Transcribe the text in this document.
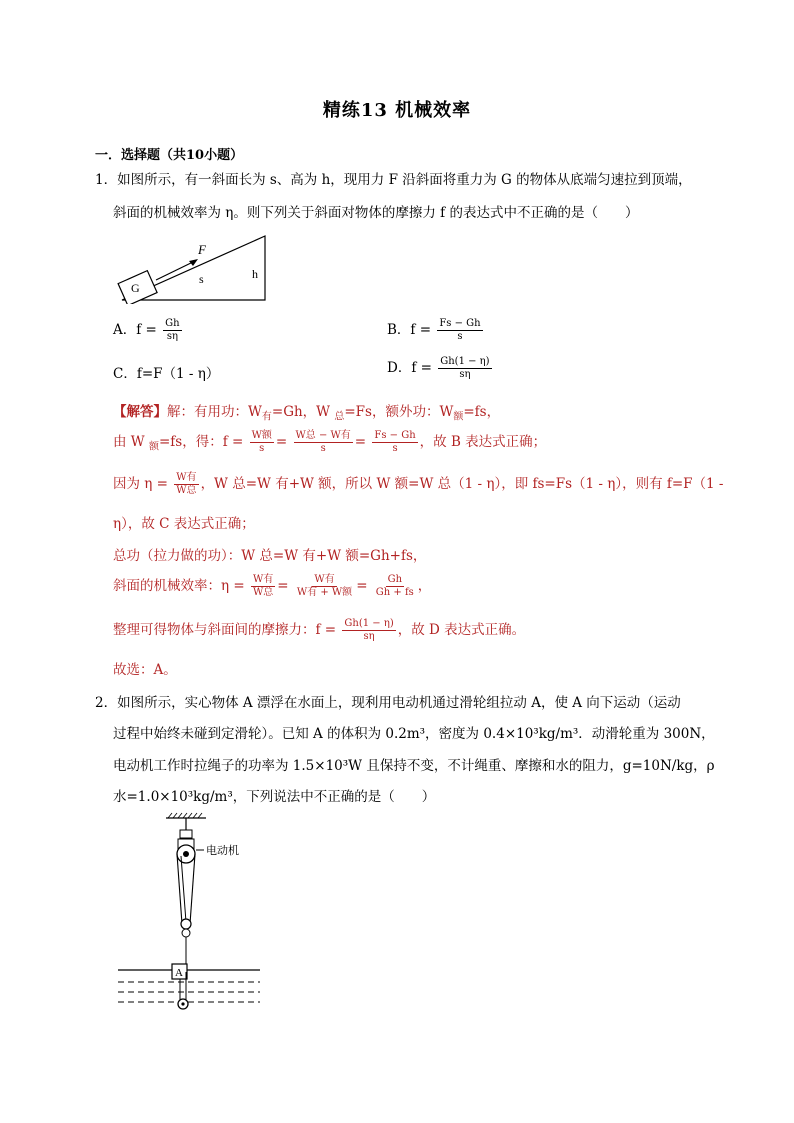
精练13 机械效率
一．选择题（共10小题）
1．如图所示，有一斜面长为 s、高为 h，现用力 F 沿斜面将重力为 G 的物体从底端匀速拉到顶端，
斜面的机械效率为 η。则下列关于斜面对物体的摩擦力 f 的表达式中不正确的是（　　）
F
s	h
G
A．$f = \frac{Gh}{s\eta}$	B．$f = \frac{Fs - Gh}{s}$
C．f=F（1 - η）	D．$f = \frac{Gh(1 - \eta)}{s\eta}$
【解答】解：有用功：$W_有=Gh$，W $_总$=Fs，额外功：$W_额=fs$，
由 W $_额$=fs，得：$f = \frac{\text{W额}}{s} = \frac{\text{W总 − W有}}{s} = \frac{Fs - Gh}{s}$ ，故 B 表达式正确；
因为 $\eta = \frac{\text{W有}}{\text{W总}}$ ，W 总=W 有+W 额，所以 W 额=W 总（1 - η），即 fs=Fs（1 - η），则有 f=F（1 -
η），故 C 表达式正确；
总功（拉力做的功）：W 总=W 有+W 额=Gh+fs，
斜面的机械效率：$\eta = \frac{\text{W有}}{\text{W总}} = \frac{\text{W有}}{\text{W有 + W额}} = \frac{Gh}{Gh + fs}$ ，
整理可得物体与斜面间的摩擦力：$f = \frac{Gh(1 - \eta)}{s\eta}$ ，故 D 表达式正确。
故选：A。
2．如图所示，实心物体 A 漂浮在水面上，现利用电动机通过滑轮组拉动 A，使 A 向下运动（运动
过程中始终未碰到定滑轮）。已知 A 的体积为 0.2m³，密度为 0.4×10³kg/m³．动滑轮重为 300N，
电动机工作时拉绳子的功率为 1.5×10³W 且保持不变，不计绳重、摩擦和水的阻力，g=10N/kg，ρ
水=1.0×10³kg/m³，下列说法中不正确的是（　　）
电动机
A
